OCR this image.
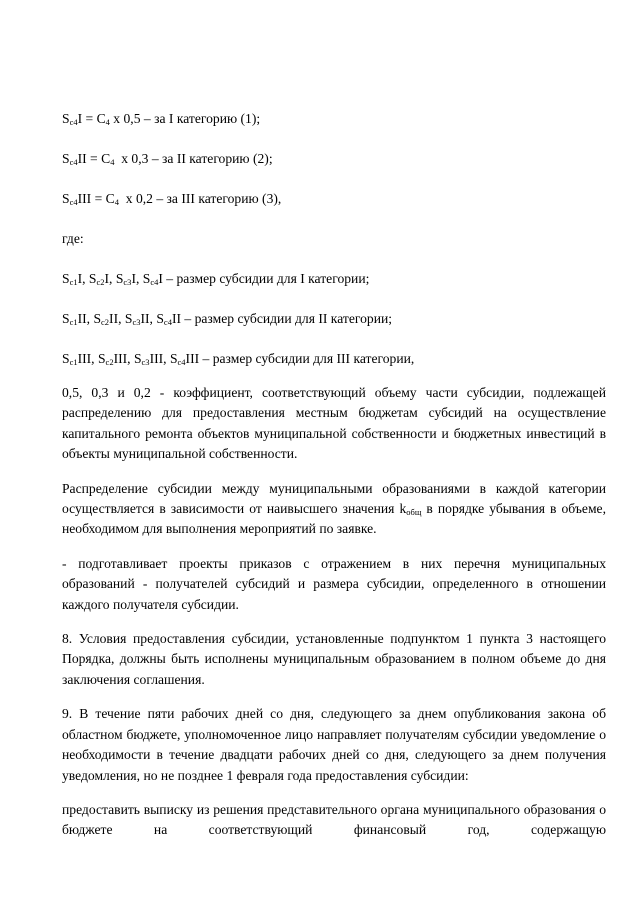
$S_{c4}I = C_4$ x 0,5 – за I категорию (1);

$S_{c4}II = C_4$  x 0,3 – за II категорию (2);

$S_{c4}III = C_4$  x 0,2 – за III категорию (3),

где:

$S_{c1}I$, $S_{c2}I$, $S_{c3}I$, $S_{c4}I$ – размер субсидии для I категории;

$S_{c1}II$, $S_{c2}II$, $S_{c3}II$, $S_{c4}II$ – размер субсидии для II категории;

$S_{c1}III$, $S_{c2}III$, $S_{c3}III$, $S_{c4}III$ – размер субсидии для III категории,

0,5, 0,3 и 0,2 - коэффициент, соответствующий объему части субсидии, подлежащей распределению для предоставления местным бюджетам субсидий на осуществление капитального ремонта объектов муниципальной собственности и бюджетных инвестиций в объекты муниципальной собственности.

Распределение субсидии между муниципальными образованиями в каждой категории осуществляется в зависимости от наивысшего значения $k_{общ}$ в порядке убывания в объеме, необходимом для выполнения мероприятий по заявке.

- подготавливает проекты приказов с отражением в них перечня муниципальных образований - получателей субсидий и размера субсидии, определенного в отношении каждого получателя субсидии.

8. Условия предоставления субсидии, установленные подпунктом 1 пункта 3 настоящего Порядка, должны быть исполнены муниципальным образованием в полном объеме до дня заключения соглашения.

9. В течение пяти рабочих дней со дня, следующего за днем опубликования закона об областном бюджете, уполномоченное лицо направляет получателям субсидии уведомление о необходимости в течение двадцати рабочих дней со дня, следующего за днем получения уведомления, но не позднее 1 февраля года предоставления субсидии:

предоставить выписку из решения представительного органа муниципального образования о бюджете на соответствующий финансовый год, содержащую
